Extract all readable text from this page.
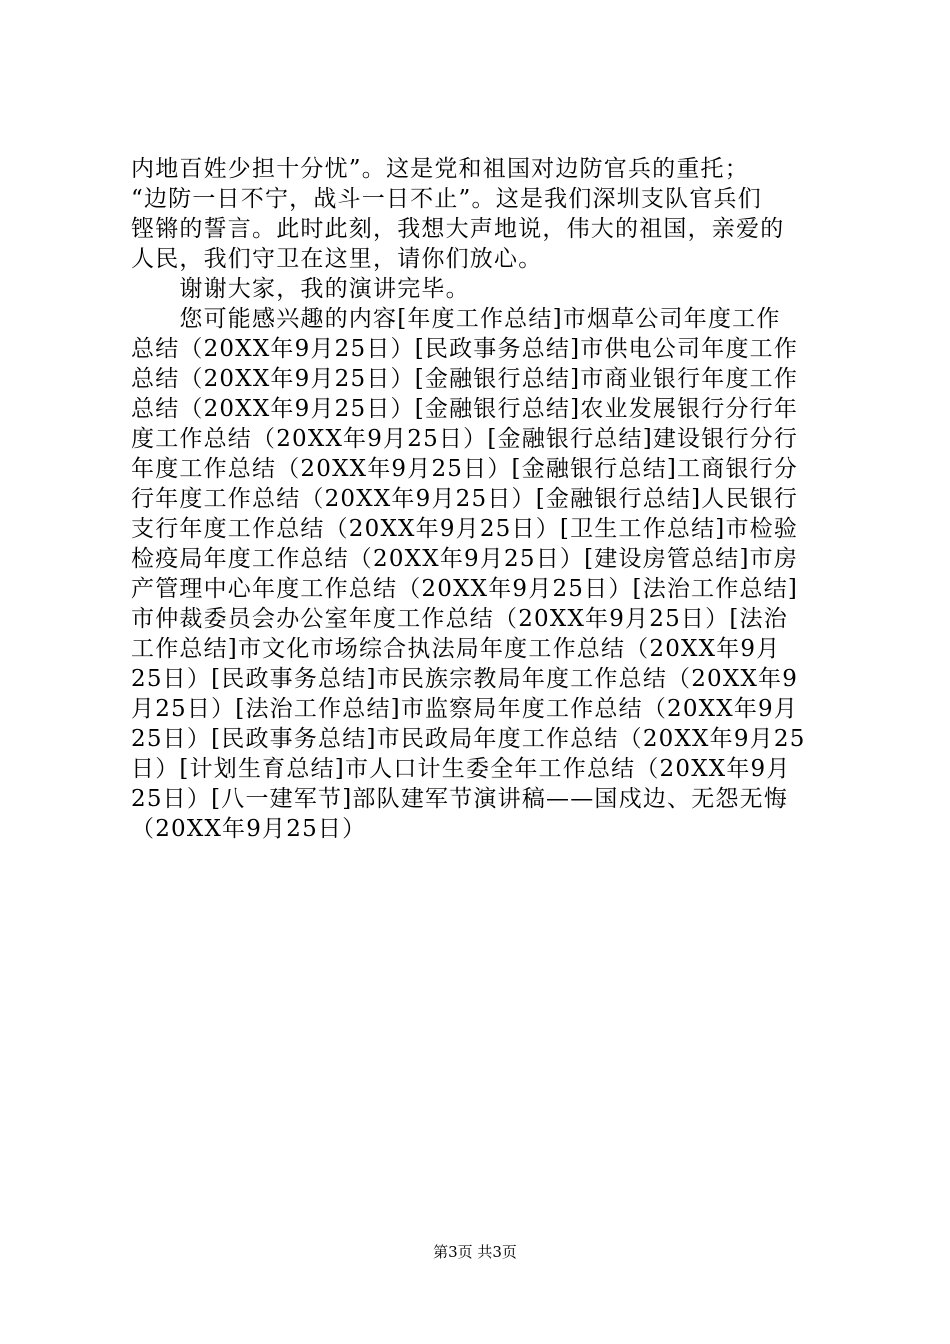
内地百姓少担十分忧”。这是党和祖国对边防官兵的重托；
“边防一日不宁，战斗一日不止”。这是我们深圳支队官兵们
铿锵的誓言。此时此刻，我想大声地说，伟大的祖国，亲爱的
人民，我们守卫在这里，请你们放心。
　　谢谢大家，我的演讲完毕。
　　您可能感兴趣的内容[年度工作总结]市烟草公司年度工作
总结（20XX年9月25日）[民政事务总结]市供电公司年度工作
总结（20XX年9月25日）[金融银行总结]市商业银行年度工作
总结（20XX年9月25日）[金融银行总结]农业发展银行分行年
度工作总结（20XX年9月25日）[金融银行总结]建设银行分行
年度工作总结（20XX年9月25日）[金融银行总结]工商银行分
行年度工作总结（20XX年9月25日）[金融银行总结]人民银行
支行年度工作总结（20XX年9月25日）[卫生工作总结]市检验
检疫局年度工作总结（20XX年9月25日）[建设房管总结]市房
产管理中心年度工作总结（20XX年9月25日）[法治工作总结]
市仲裁委员会办公室年度工作总结（20XX年9月25日）[法治
工作总结]市文化市场综合执法局年度工作总结（20XX年9月
25日）[民政事务总结]市民族宗教局年度工作总结（20XX年9
月25日）[法治工作总结]市监察局年度工作总结（20XX年9月
25日）[民政事务总结]市民政局年度工作总结（20XX年9月25
日）[计划生育总结]市人口计生委全年工作总结（20XX年9月
25日）[八一建军节]部队建军节演讲稿——国戍边、无怨无悔
（20XX年9月25日）
第3页 共3页
